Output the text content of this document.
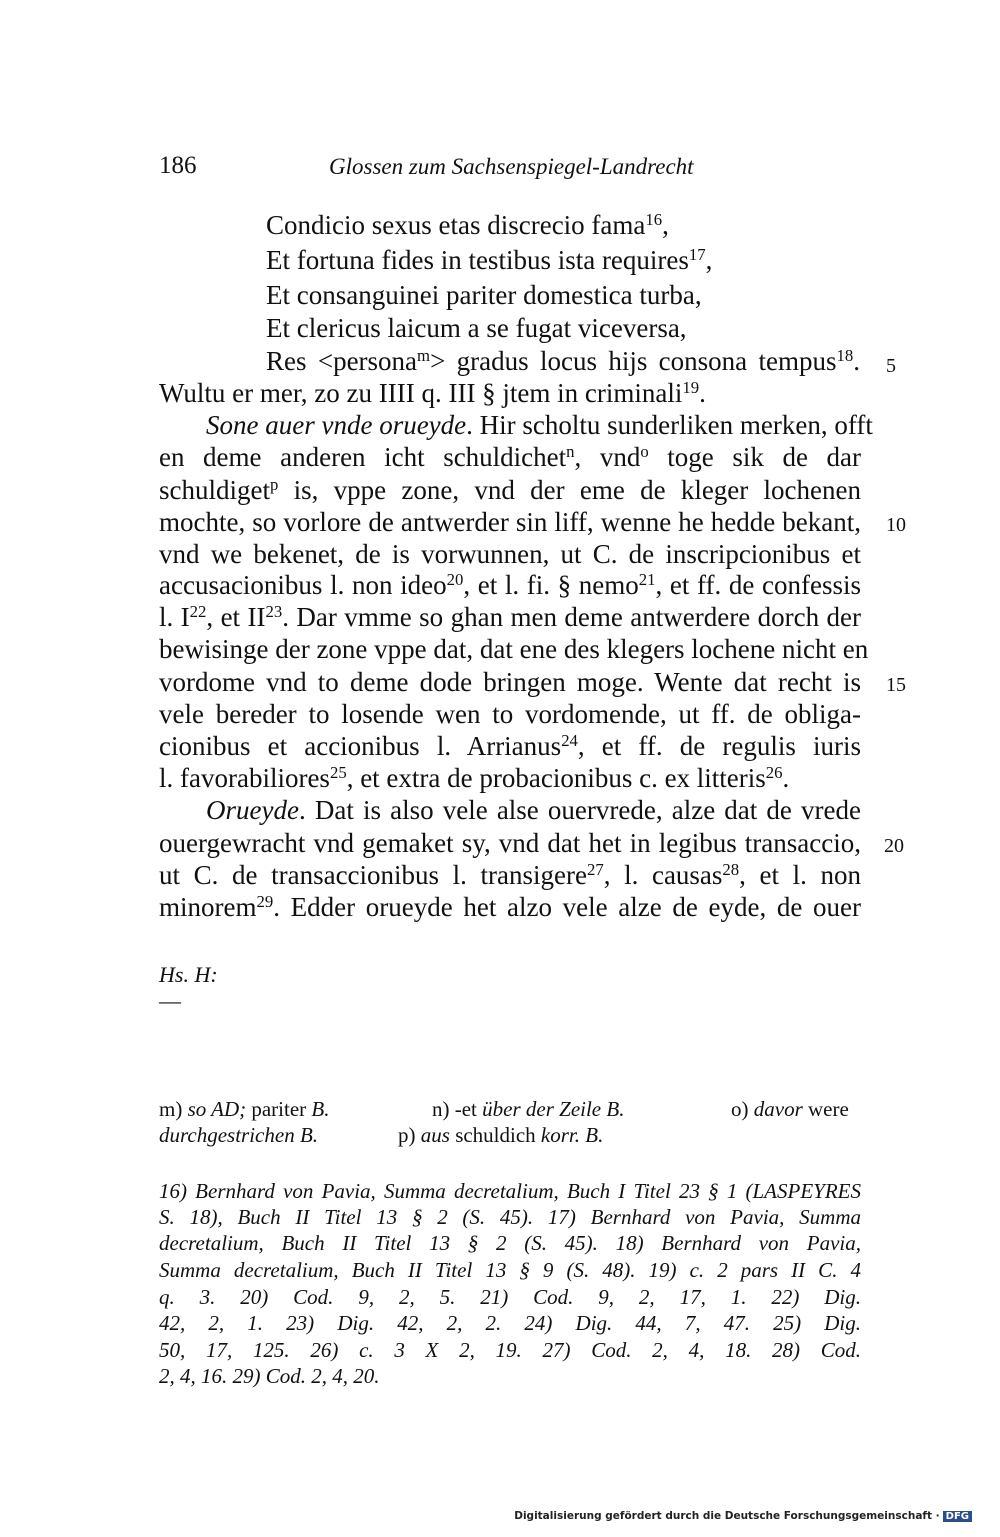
186	Glossen zum Sachsenspiegel-Landrecht
Condicio sexus etas discrecio fama$^{16}$,
Et fortuna fides in testibus ista requires$^{17}$,
Et consanguinei pariter domestica turba,
Et clericus laicum a se fugat viceversa,
Res <persona$^m$> gradus locus hijs consona tempus$^{18}$.
Wultu er mer, zo zu IIII q. III § jtem in criminali$^{19}$.
Sone auer vnde orueyde. Hir scholtu sunderliken merken, offt
en deme anderen icht schuldichet$^n$, vnd$^o$ toge sik de dar
schuldiget$^p$ is, vppe zone, vnd der eme de kleger lochenen
mochte, so vorlore de antwerder sin liff, wenne he hedde bekant,
vnd we bekenet, de is vorwunnen, ut C. de inscripcionibus et
accusacionibus l. non ideo$^{20}$, et l. fi. § nemo$^{21}$, et ff. de confessis
l. $I^{22}$, et II$^{23}$. Dar vmme so ghan men deme antwerdere dorch der
bewisinge der zone vppe dat, dat ene des klegers lochene nicht en
vordome vnd to deme dode bringen moge. Wente dat recht is
vele bereder to losende wen to vordomende, ut ff. de obliga-
cionibus et accionibus l. Arrianus$^{24}$, et ff. de regulis iuris
l. favorabiliores$^{25}$, et extra de probacionibus c. ex litteris$^{26}$.
Orueyde. Dat is also vele alse ouervrede, alze dat de vrede
ouergewracht vnd gemaket sy, vnd dat het in legibus transaccio,
ut C. de transaccionibus l. transigere$^{27}$, l. causas$^{28}$, et l. non
minorem$^{29}$. Edder orueyde het alzo vele alze de eyde, de ouer
5
10
15
20
Hs. H:
—
m) so AD; pariter B.	n) -et über der Zeile B.	o) davor were
durchgestrichen B.	p) aus schuldich korr. B.
16) Bernhard von Pavia, Summa decretalium, Buch I Titel 23 § 1 (LASPEYRES
S. 18), Buch II Titel 13 § 2 (S. 45). 17) Bernhard von Pavia, Summa
decretalium, Buch II Titel 13 § 2 (S. 45). 18) Bernhard von Pavia,
Summa decretalium, Buch II Titel 13 § 9 (S. 48). 19) c. 2 pars II C. 4
q. 3. 20) Cod. 9, 2, 5. 21) Cod. 9, 2, 17, 1. 22) Dig.
42, 2, 1. 23) Dig. 42, 2, 2. 24) Dig. 44, 7, 47. 25) Dig.
50, 17, 125. 26) c. 3 X 2, 19. 27) Cod. 2, 4, 18. 28) Cod.
2, 4, 16. 29) Cod. 2, 4, 20.
Digitalisierung gefördert durch die Deutsche Forschungsgemeinschaft · DFG
